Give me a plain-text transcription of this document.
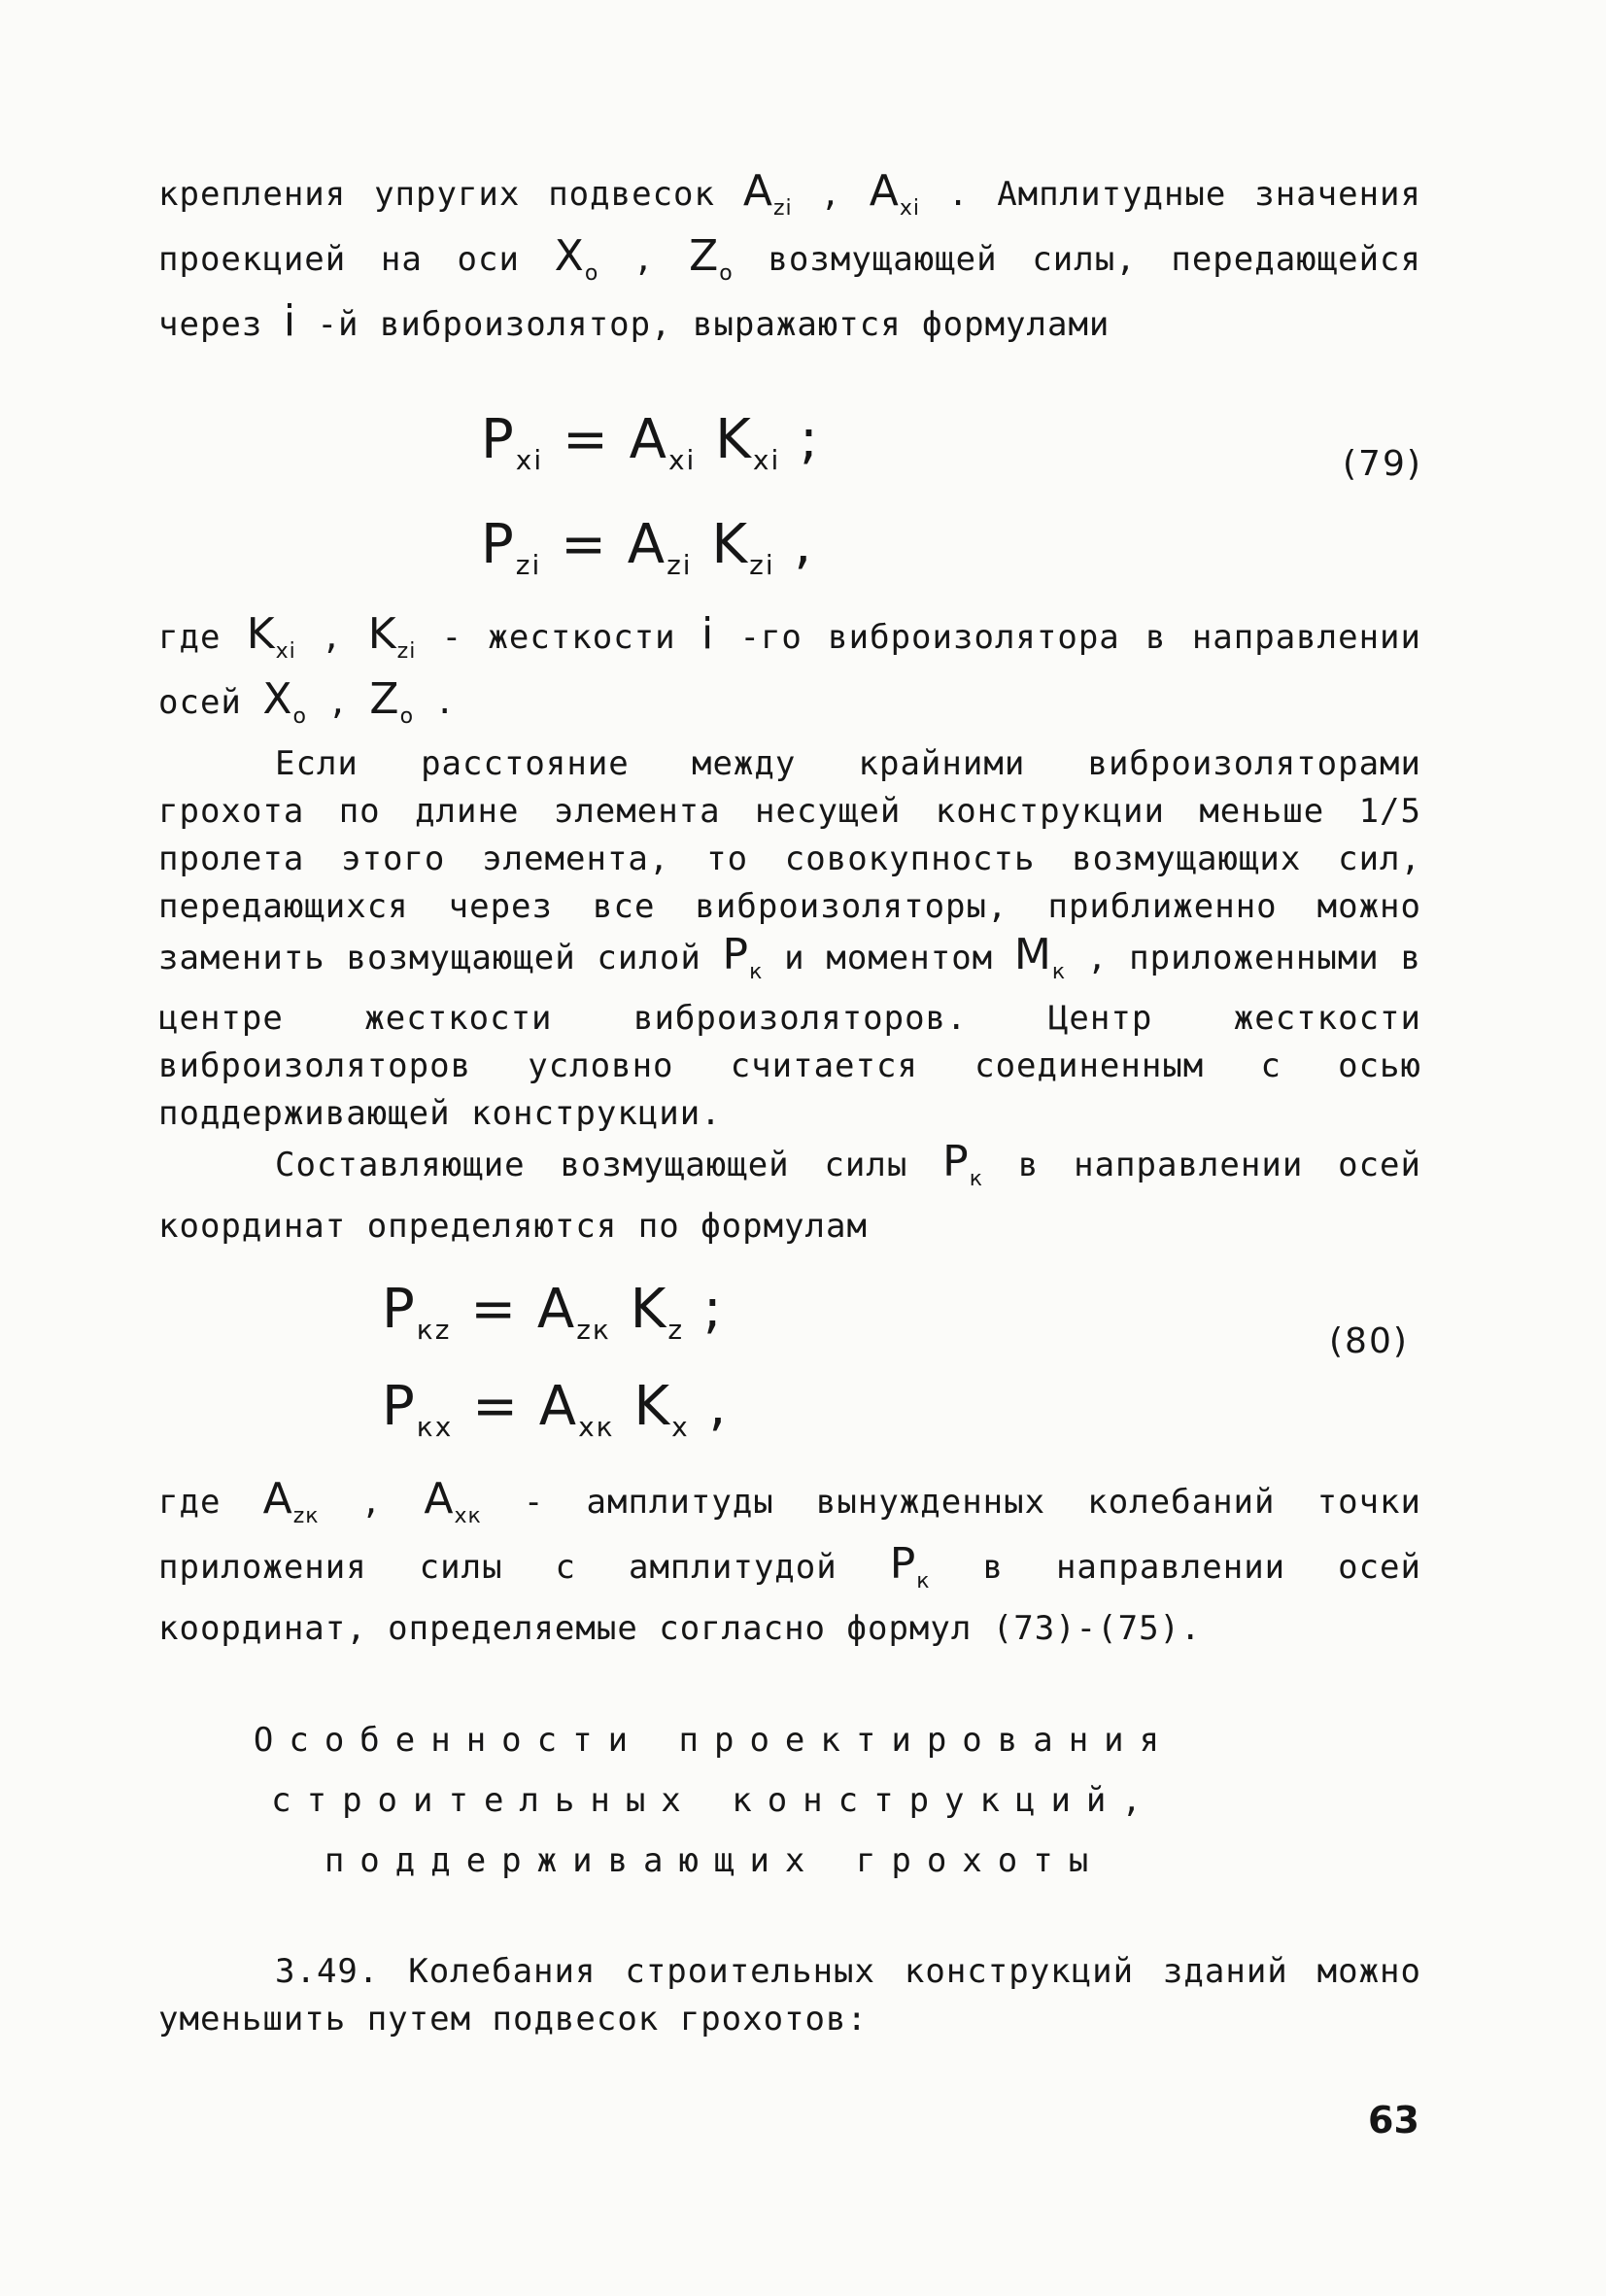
крепления упругих подвесок $A_{zi}$ , $A_{xi}$ . Амплитудные значения проекцией на оси $X_o$ , $Z_o$ возмущающей силы, передающейся через i -й виброизолятор, выражаются формулами

$P_{xi} = A_{xi}$ $K_{xi}$ ;
$P_{zi} = A_{zi}$ $K_{zi}$ ,
(79)

где $K_{xi}$ , $K_{zi}$ - жесткости i -го виброизолятора в направлении осей $X_o$ , $Z_o$ .

Если расстояние между крайними виброизоляторами грохота по длине элемента несущей конструкции меньше 1/5 пролета этого элемента, то совокупность возмущающих сил, передающихся через все виброизоляторы, приближенно можно заменить возмущающей силой $P_к$ и моментом $M_к$ , приложенными в центре жесткости виброизоляторов. Центр жесткости виброизоляторов условно считается соединенным с осью поддерживающей конструкции.

Составляющие возмущающей силы $P_к$ в направлении осей координат определяются по формулам

$P_{кz} = A_{zк}$ $K_z$ ;
$P_{кx} = A_{xк}$ $K_x$ ,
(80)

где $A_{zк}$ , $A_{xк}$ - амплитуды вынужденных колебаний точки приложения силы с амплитудой $P_к$ в направлении осей координат, определяемые согласно формул (73)-(75).

Особенности проектирования
строительных конструкций,
поддерживающих грохоты

3.49. Колебания строительных конструкций зданий можно уменьшить путем подвесок грохотов:

63
